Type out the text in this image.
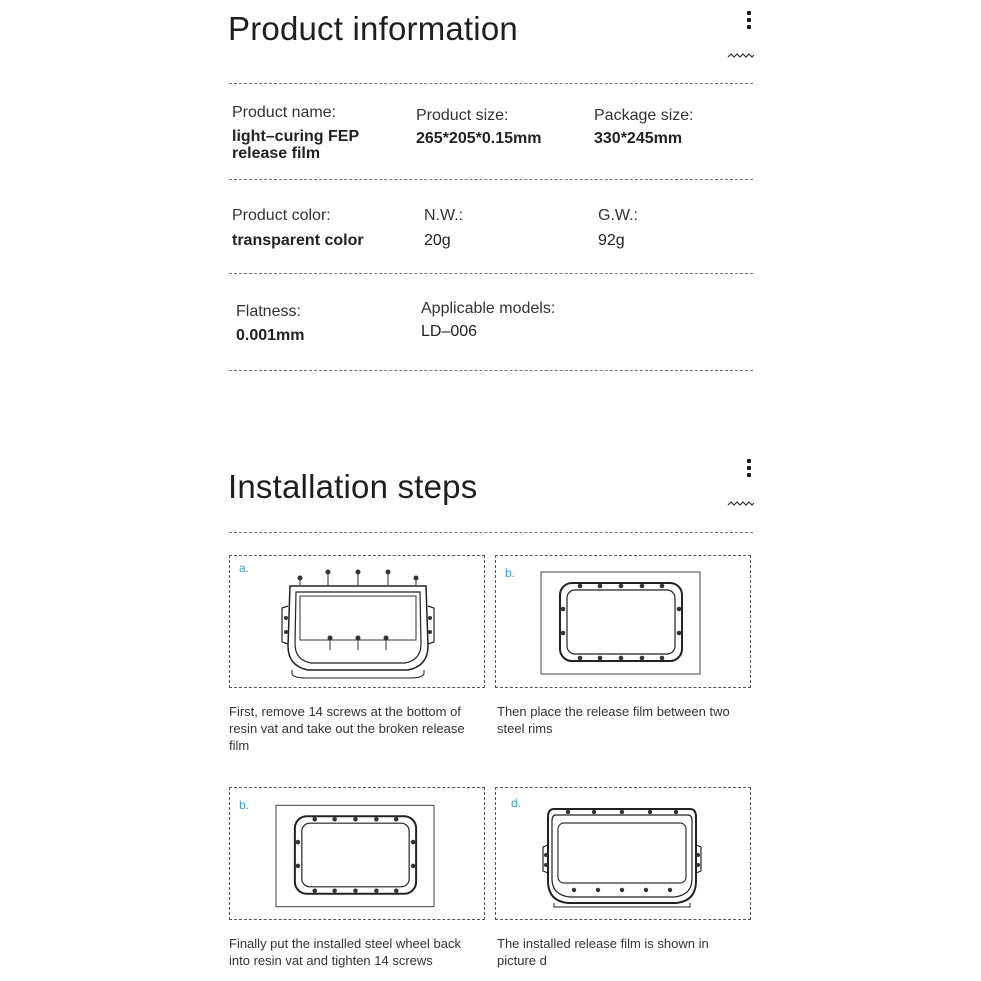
Product information
Product name:
light–curing FEP release film
Product size:
265*205*0.15mm
Package size:
330*245mm
Product color:
transparent color
N.W.:
20g
G.W.:
92g
Flatness:
0.001mm
Applicable models:
LD–006
Installation steps
a.
First, remove 14 screws at the bottom of resin vat and take out the broken release film
b.
Then place the release film between two steel rims
b.
Finally put the installed steel wheel back into resin vat and tighten 14 screws
d.
The installed release film is shown in picture d
